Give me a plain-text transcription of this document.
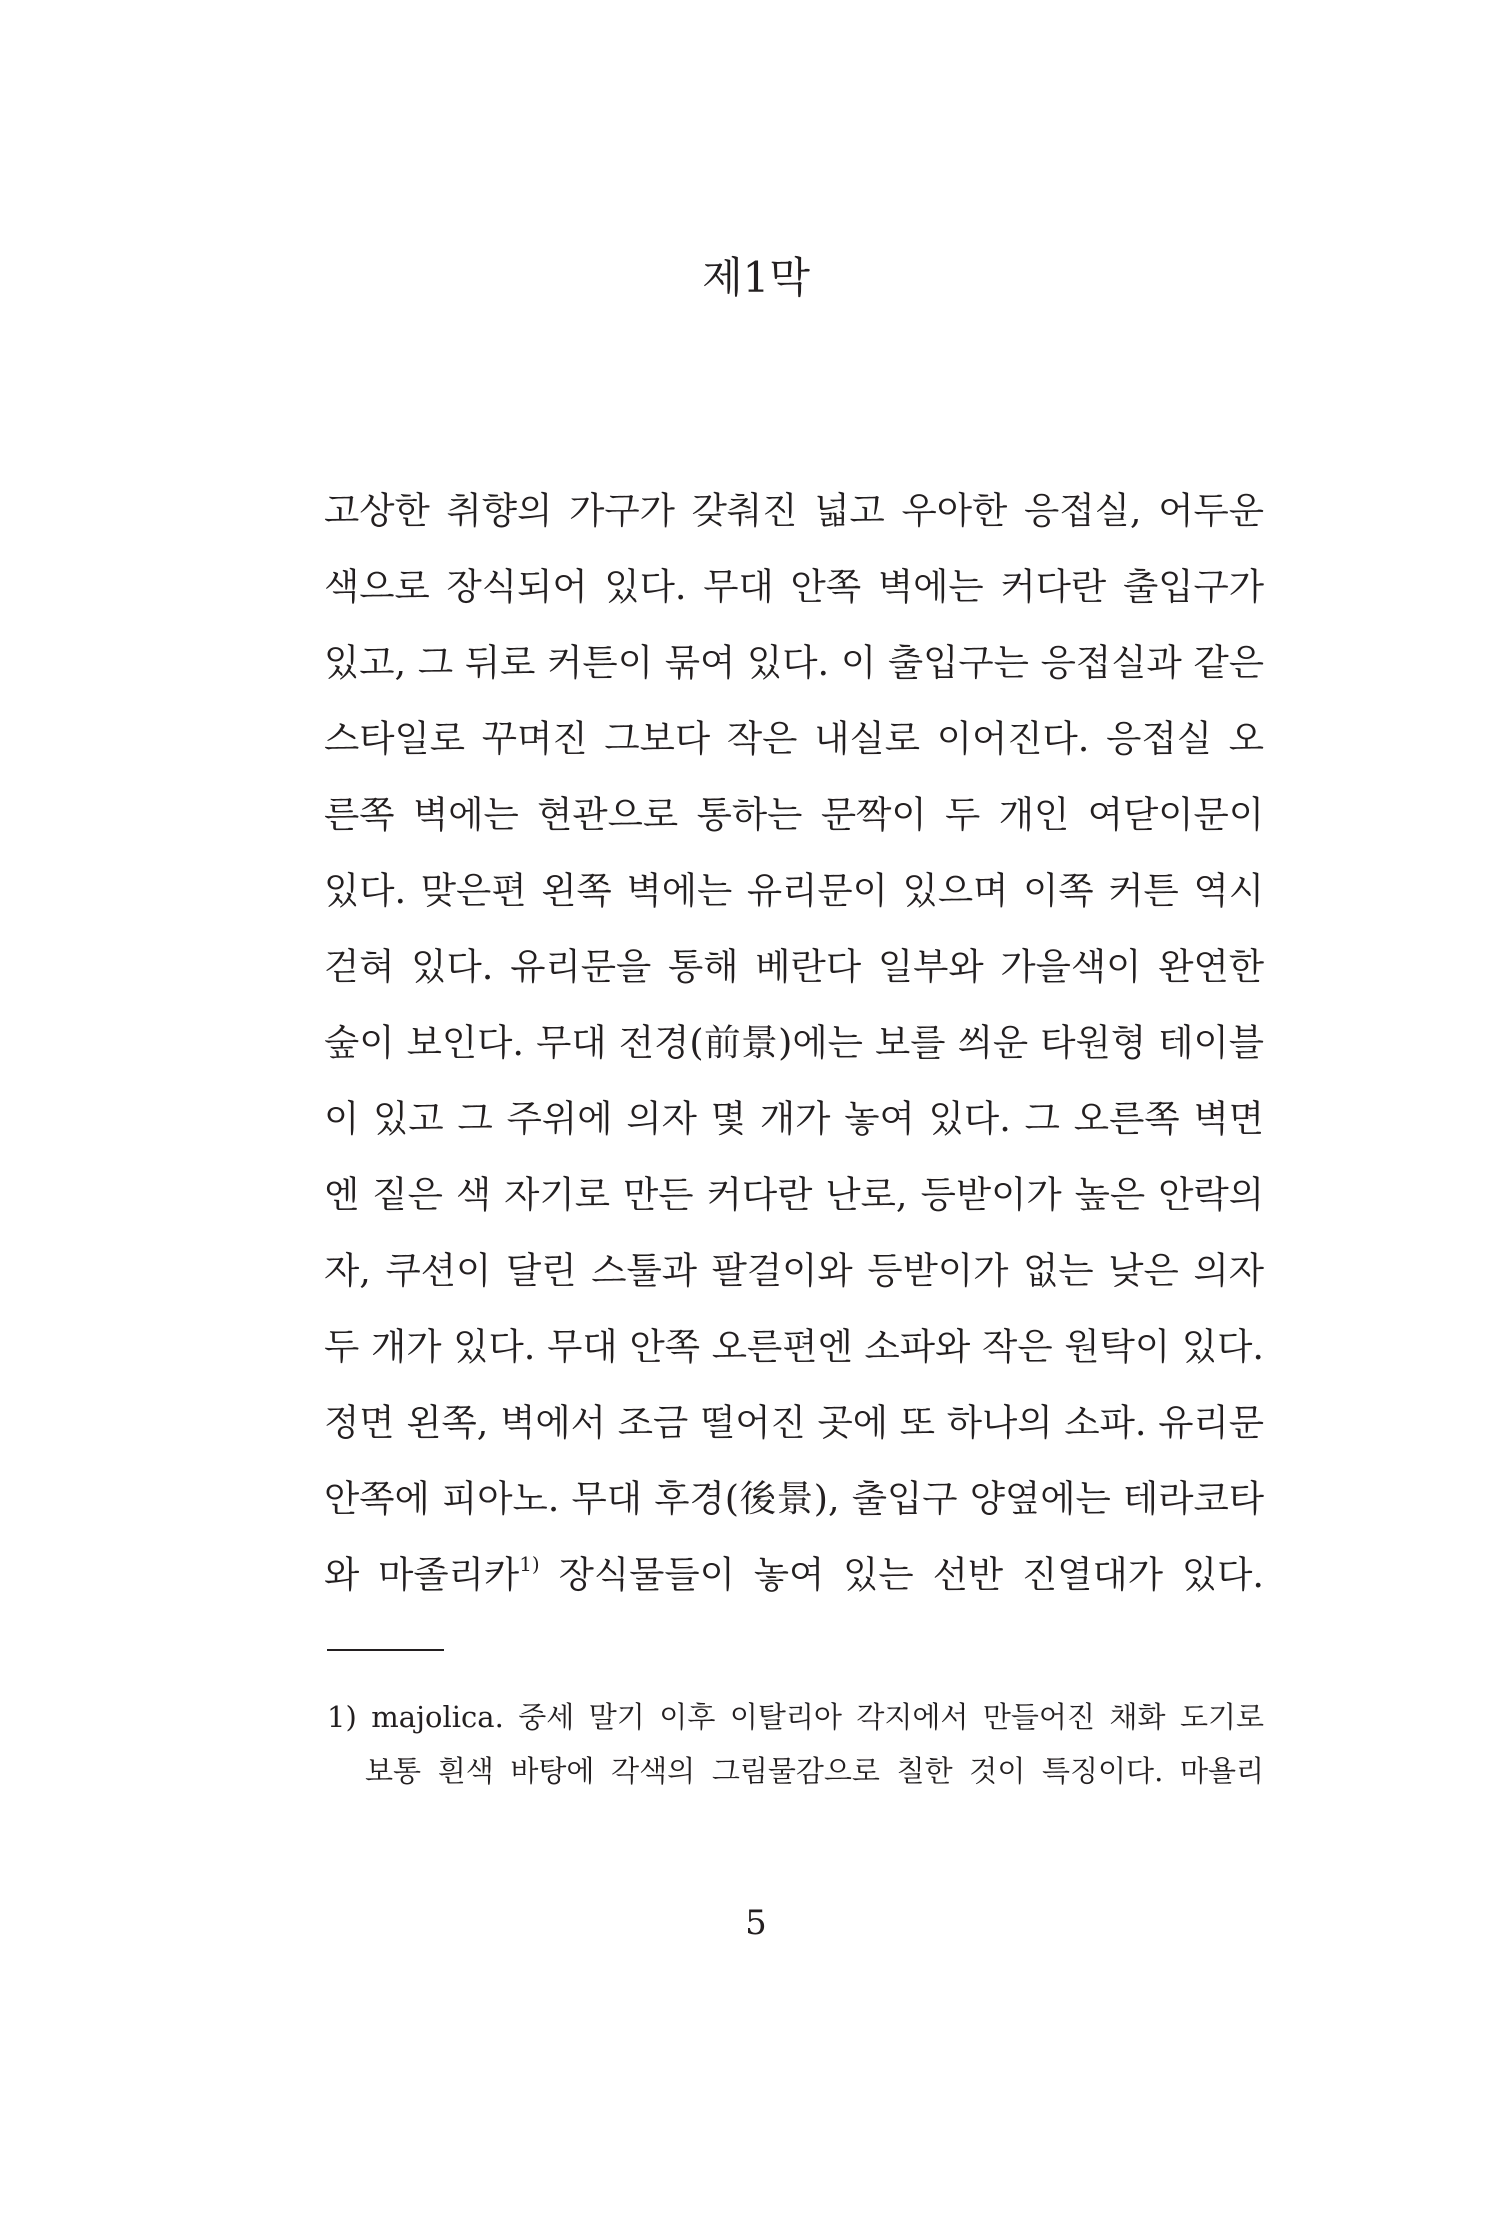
제1막
고상한 취향의 가구가 갖춰진 넓고 우아한 응접실, 어두운
색으로 장식되어 있다. 무대 안쪽 벽에는 커다란 출입구가
있고, 그 뒤로 커튼이 묶여 있다. 이 출입구는 응접실과 같은
스타일로 꾸며진 그보다 작은 내실로 이어진다. 응접실 오
른쪽 벽에는 현관으로 통하는 문짝이 두 개인 여닫이문이
있다. 맞은편 왼쪽 벽에는 유리문이 있으며 이쪽 커튼 역시
걷혀 있다. 유리문을 통해 베란다 일부와 가을색이 완연한
숲이 보인다. 무대 전경(前景)에는 보를 씌운 타원형 테이블
이 있고 그 주위에 의자 몇 개가 놓여 있다. 그 오른쪽 벽면
엔 짙은 색 자기로 만든 커다란 난로, 등받이가 높은 안락의
자, 쿠션이 달린 스툴과 팔걸이와 등받이가 없는 낮은 의자
두 개가 있다. 무대 안쪽 오른편엔 소파와 작은 원탁이 있다.
정면 왼쪽, 벽에서 조금 떨어진 곳에 또 하나의 소파. 유리문
안쪽에 피아노. 무대 후경(後景), 출입구 양옆에는 테라코타
와 마졸리카$^{1)}$ 장식물들이 놓여 있는 선반 진열대가 있다.
1) majolica. 중세 말기 이후 이탈리아 각지에서 만들어진 채화 도기로
보통 흰색 바탕에 각색의 그림물감으로 칠한 것이 특징이다. 마욜리
5
